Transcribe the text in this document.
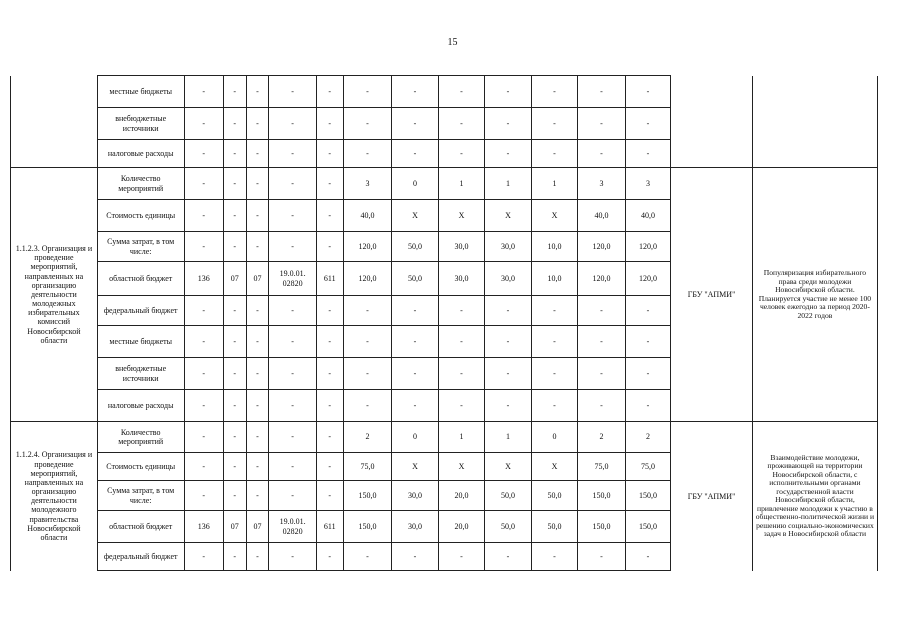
15
	местные бюджеты	-	-	-	-	-	-	-	-	-	-	-	-		
	внебюджетные источники	-	-	-	-	-	-	-	-	-	-	-	-		
	налоговые расходы	-	-	-	-	-	-	-	-	-	-	-	-		
1.1.2.3. Организация и проведение мероприятий, направленных на организацию деятельности молодежных избирательных комиссий Новосибирской области	Количество мероприятий	-	-	-	-	-	3	0	1	1	1	3	3	ГБУ "АПМИ"	Популяризация избирательного права среди молодежи Новосибирской области. Планируется участие не менее 100 человек ежегодно за период 2020-2022 годов
	Стоимость единицы	-	-	-	-	-	40,0	X	X	X	X	40,0	40,0		
	Сумма затрат, в том числе:	-	-	-	-	-	120,0	50,0	30,0	30,0	10,0	120,0	120,0		
	областной бюджет	136	07	07	19.0.01. 02820	611	120,0	50,0	30,0	30,0	10,0	120,0	120,0		
	федеральный бюджет	-	-	-	-	-	-	-	-	-	-	-	-		
	местные бюджеты	-	-	-	-	-	-	-	-	-	-	-	-		
	внебюджетные источники	-	-	-	-	-	-	-	-	-	-	-	-		
	налоговые расходы	-	-	-	-	-	-	-	-	-	-	-	-		
1.1.2.4. Организация и проведение мероприятий, направленных на организацию деятельности молодежного правительства Новосибирской области	Количество мероприятий	-	-	-	-	-	2	0	1	1	0	2	2	ГБУ "АПМИ"	Взаимодействие молодежи, проживающей на территории Новосибирской области, с исполнительными органами государственной власти Новосибирской области, привлечение молодежи к участию в общественно-политической жизни и решению социально-экономических задач в Новосибирской области
	Стоимость единицы	-	-	-	-	-	75,0	X	X	X	X	75,0	75,0		
	Сумма затрат, в том числе:	-	-	-	-	-	150,0	30,0	20,0	50,0	50,0	150,0	150,0		
	областной бюджет	136	07	07	19.0.01. 02820	611	150,0	30,0	20,0	50,0	50,0	150,0	150,0		
	федеральный бюджет	-	-	-	-	-	-	-	-	-	-	-	-		
